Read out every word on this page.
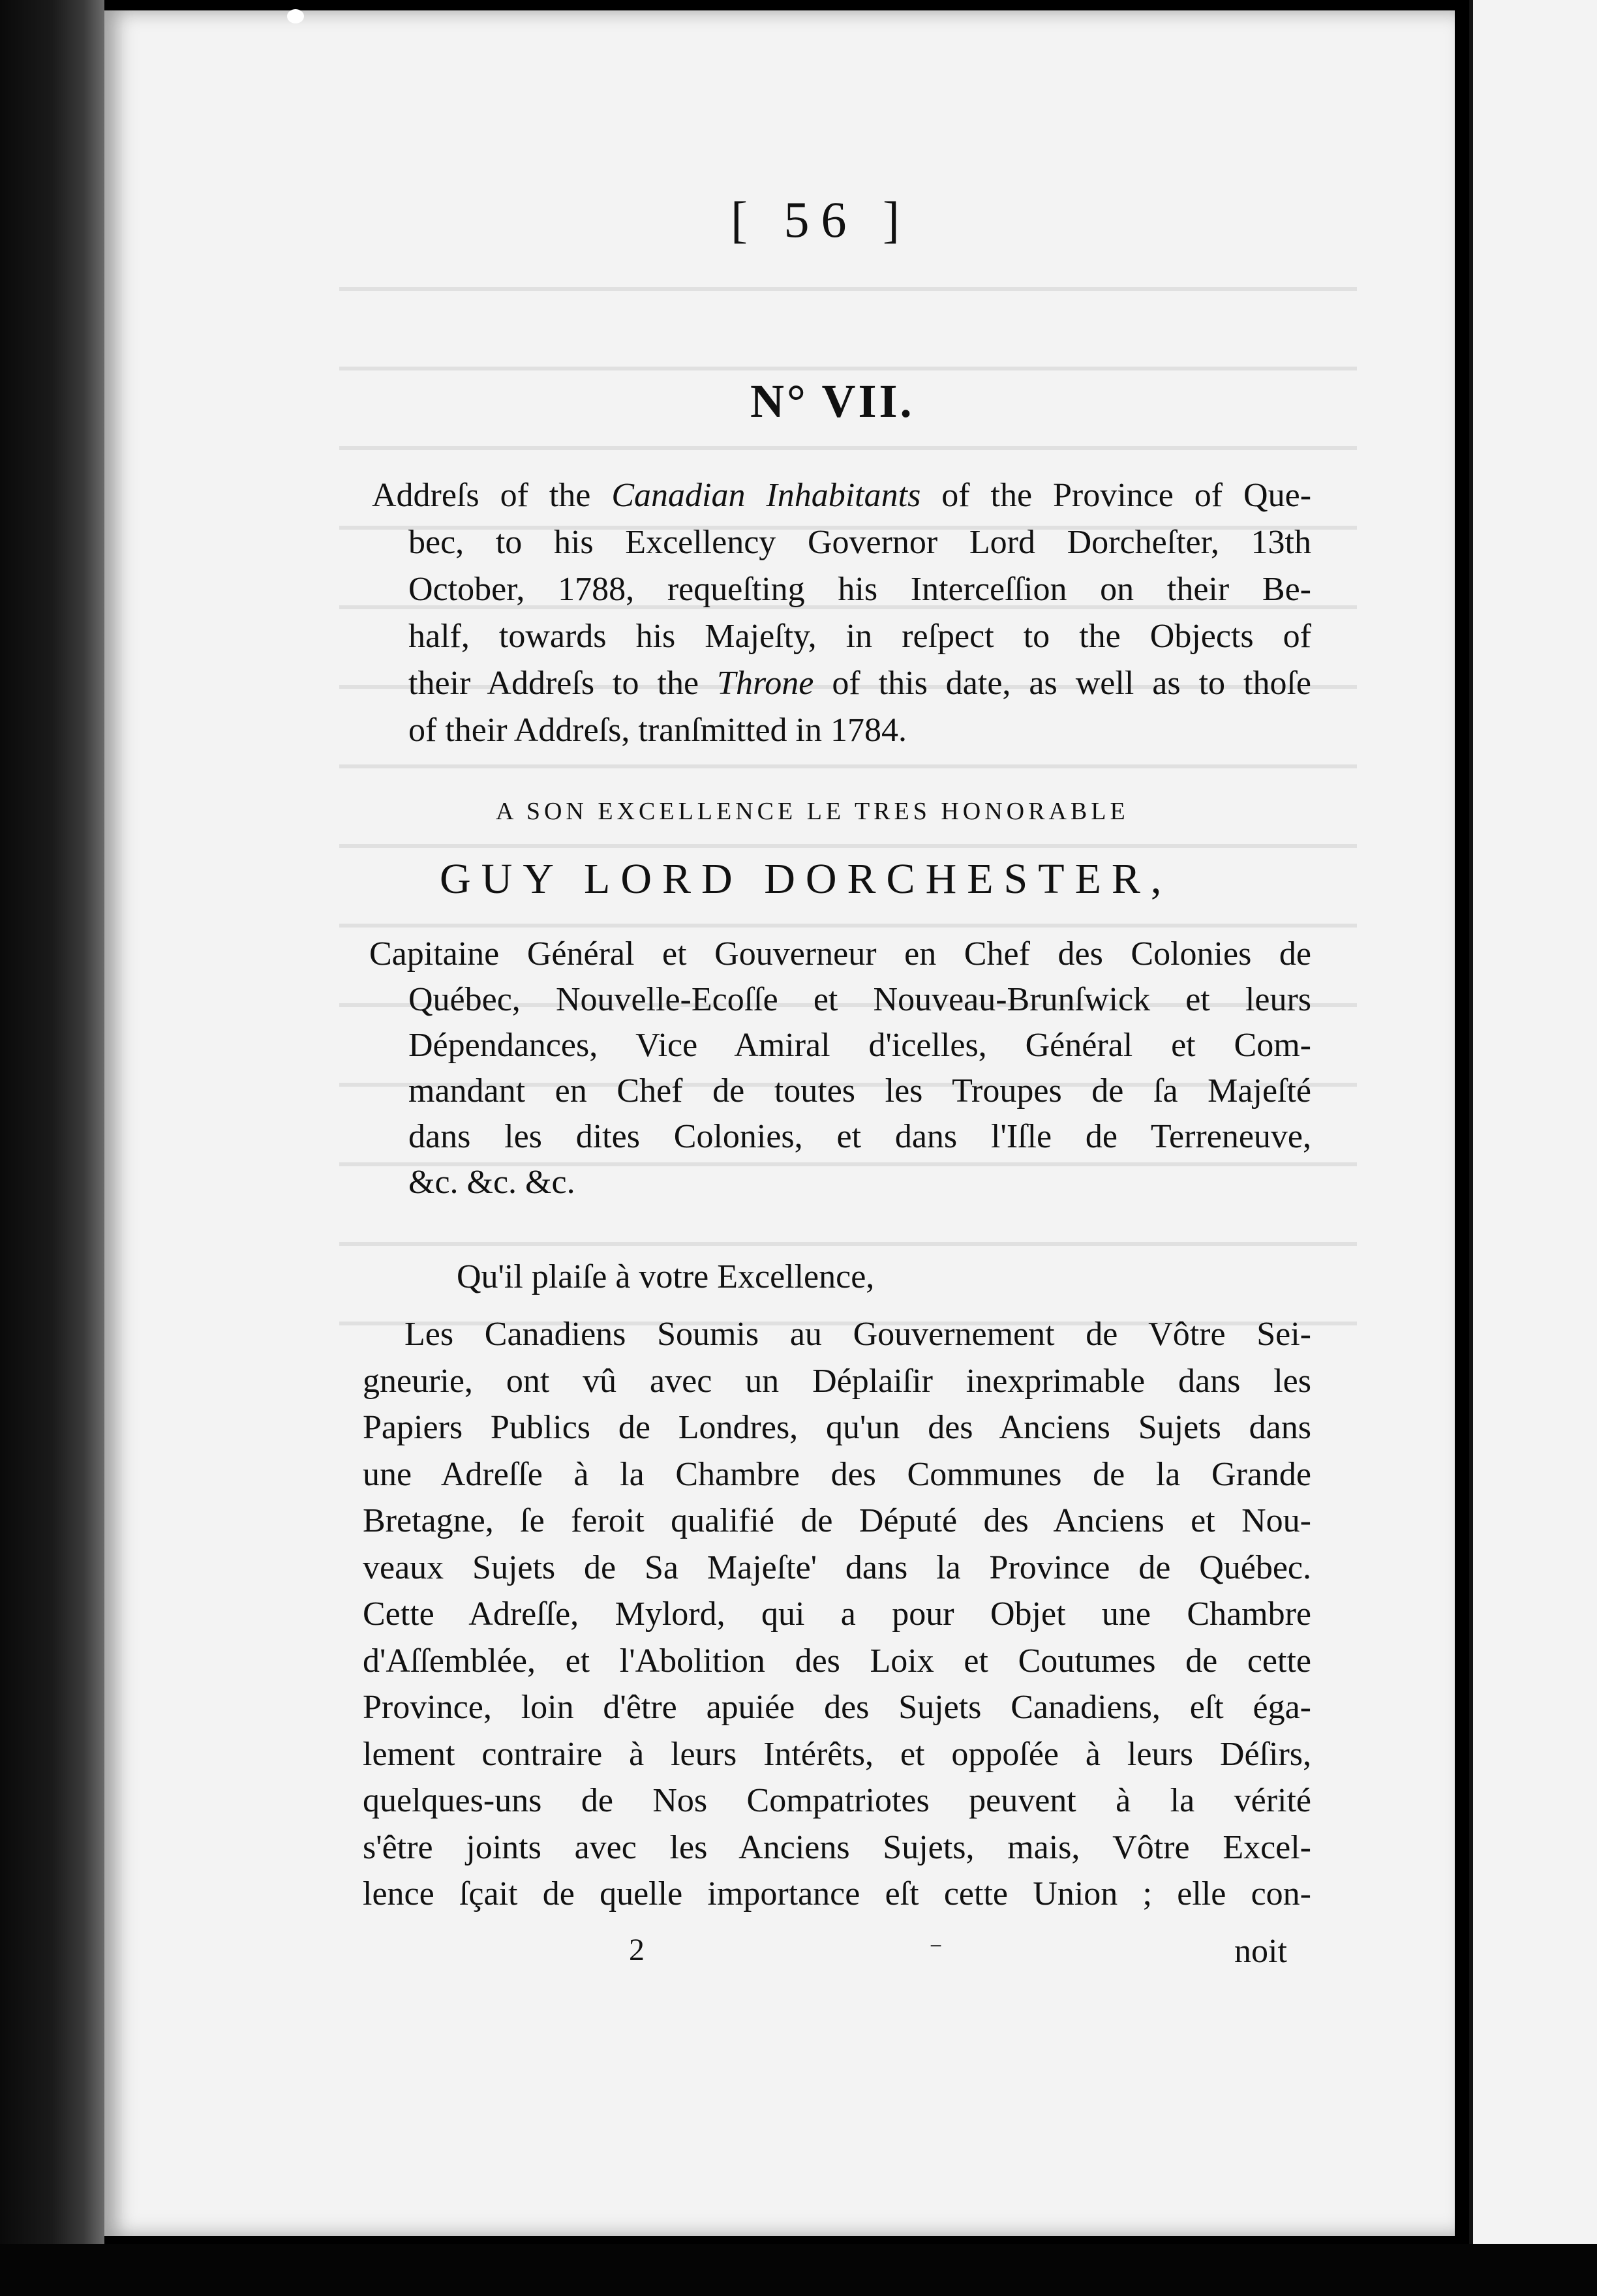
[ 56 ]
N° VII.
Addreſs of the Canadian Inhabitants of the Province of Que-
bec, to his Excellency Governor Lord Dorcheſter, 13th
October, 1788, requeſting his Interceſſion on their Be-
half, towards his Majeſty, in reſpect to the Objects of
their Addreſs to the Throne of this date, as well as to thoſe
of their Addreſs, tranſmitted in 1784.
A SON EXCELLENCE LE TRES HONORABLE
GUY LORD DORCHESTER,
Capitaine Général et Gouverneur en Chef des Colonies de
Québec, Nouvelle-Ecoſſe et Nouveau-Brunſwick et leurs
Dépendances, Vice Amiral d'icelles, Général et Com-
mandant en Chef de toutes les Troupes de ſa Majeſté
dans les dites Colonies, et dans l'Iſle de Terreneuve,
&c. &c. &c.
Qu'il plaiſe à votre Excellence,
Les Canadiens Soumis au Gouvernement de Vôtre Sei-
gneurie, ont vû avec un Déplaiſir inexprimable dans les
Papiers Publics de Londres, qu'un des Anciens Sujets dans
une Adreſſe à la Chambre des Communes de la Grande
Bretagne, ſe feroit qualifié de Député des Anciens et Nou-
veaux Sujets de Sa Majeſte' dans la Province de Québec.
Cette Adreſſe, Mylord, qui a pour Objet une Chambre
d'Aſſemblée, et l'Abolition des Loix et Coutumes de cette
Province, loin d'être apuiée des Sujets Canadiens, eſt éga-
lement contraire à leurs Intérêts, et oppoſée à leurs Déſirs,
quelques-uns de Nos Compatriotes peuvent à la vérité
s'être joints avec les Anciens Sujets, mais, Vôtre Excel-
lence ſçait de quelle importance eſt cette Union ; elle con-
2	⁻	noit
